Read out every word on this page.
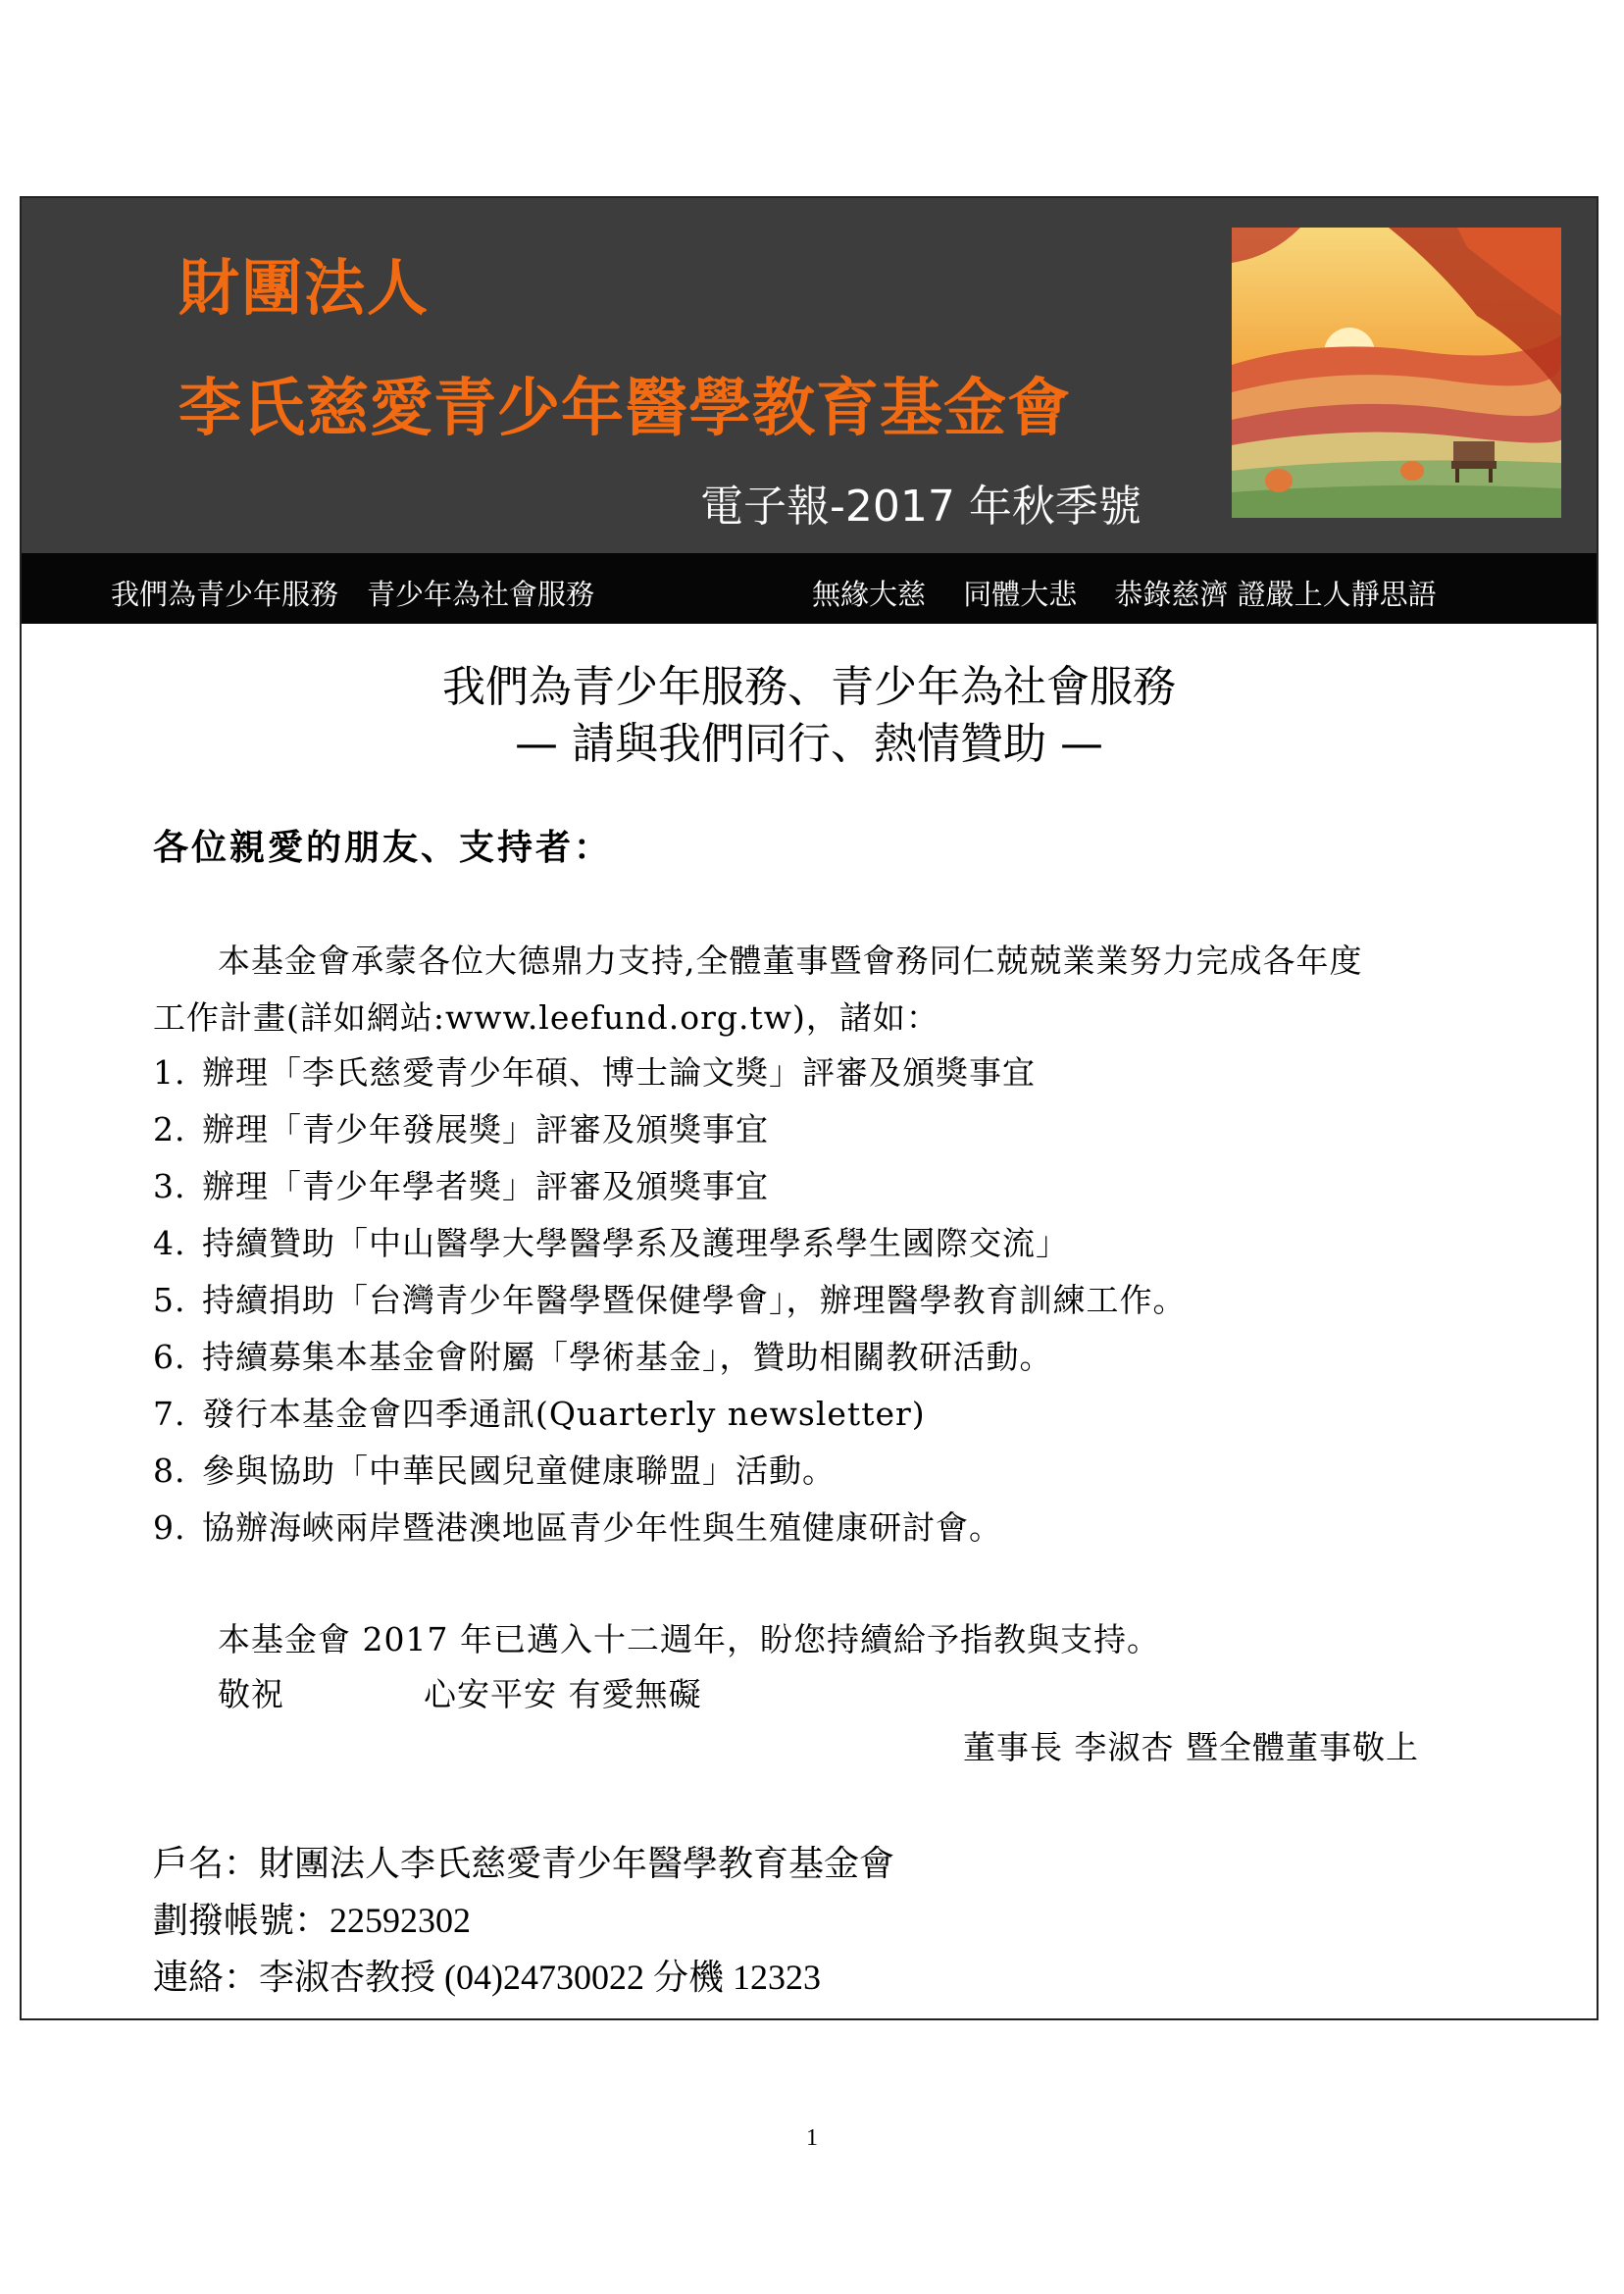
財團法人
李氏慈愛青少年醫學教育基金會
電子報-2017 年秋季號
我們為青少年服務　青少年為社會服務	無緣大慈　 同體大悲　 恭錄慈濟 證嚴上人靜思語
我們為青少年服務、青少年為社會服務
— 請與我們同行、熱情贊助 —
各位親愛的朋友、支持者：
本基金會承蒙各位大德鼎力支持,全體董事暨會務同仁兢兢業業努力完成各年度
工作計畫(詳如網站:www.leefund.org.tw)，諸如：
1. 辦理「李氏慈愛青少年碩、博士論文獎」評審及頒獎事宜
2. 辦理「青少年發展獎」評審及頒獎事宜
3. 辦理「青少年學者獎」評審及頒獎事宜
4. 持續贊助「中山醫學大學醫學系及護理學系學生國際交流」
5. 持續捐助「台灣青少年醫學暨保健學會」，辦理醫學教育訓練工作。
6. 持續募集本基金會附屬「學術基金」，贊助相關教研活動。
7. 發行本基金會四季通訊(Quarterly newsletter)
8. 參與協助「中華民國兒童健康聯盟」活動。
9. 協辦海峽兩岸暨港澳地區青少年性與生殖健康研討會。
本基金會 2017 年已邁入十二週年，盼您持續給予指教與支持。
敬祝	心安平安 有愛無礙
董事長 李淑杏 暨全體董事敬上
戶名：財團法人李氏慈愛青少年醫學教育基金會
劃撥帳號：22592302
連絡：李淑杏教授 (04)24730022 分機 12323
1
